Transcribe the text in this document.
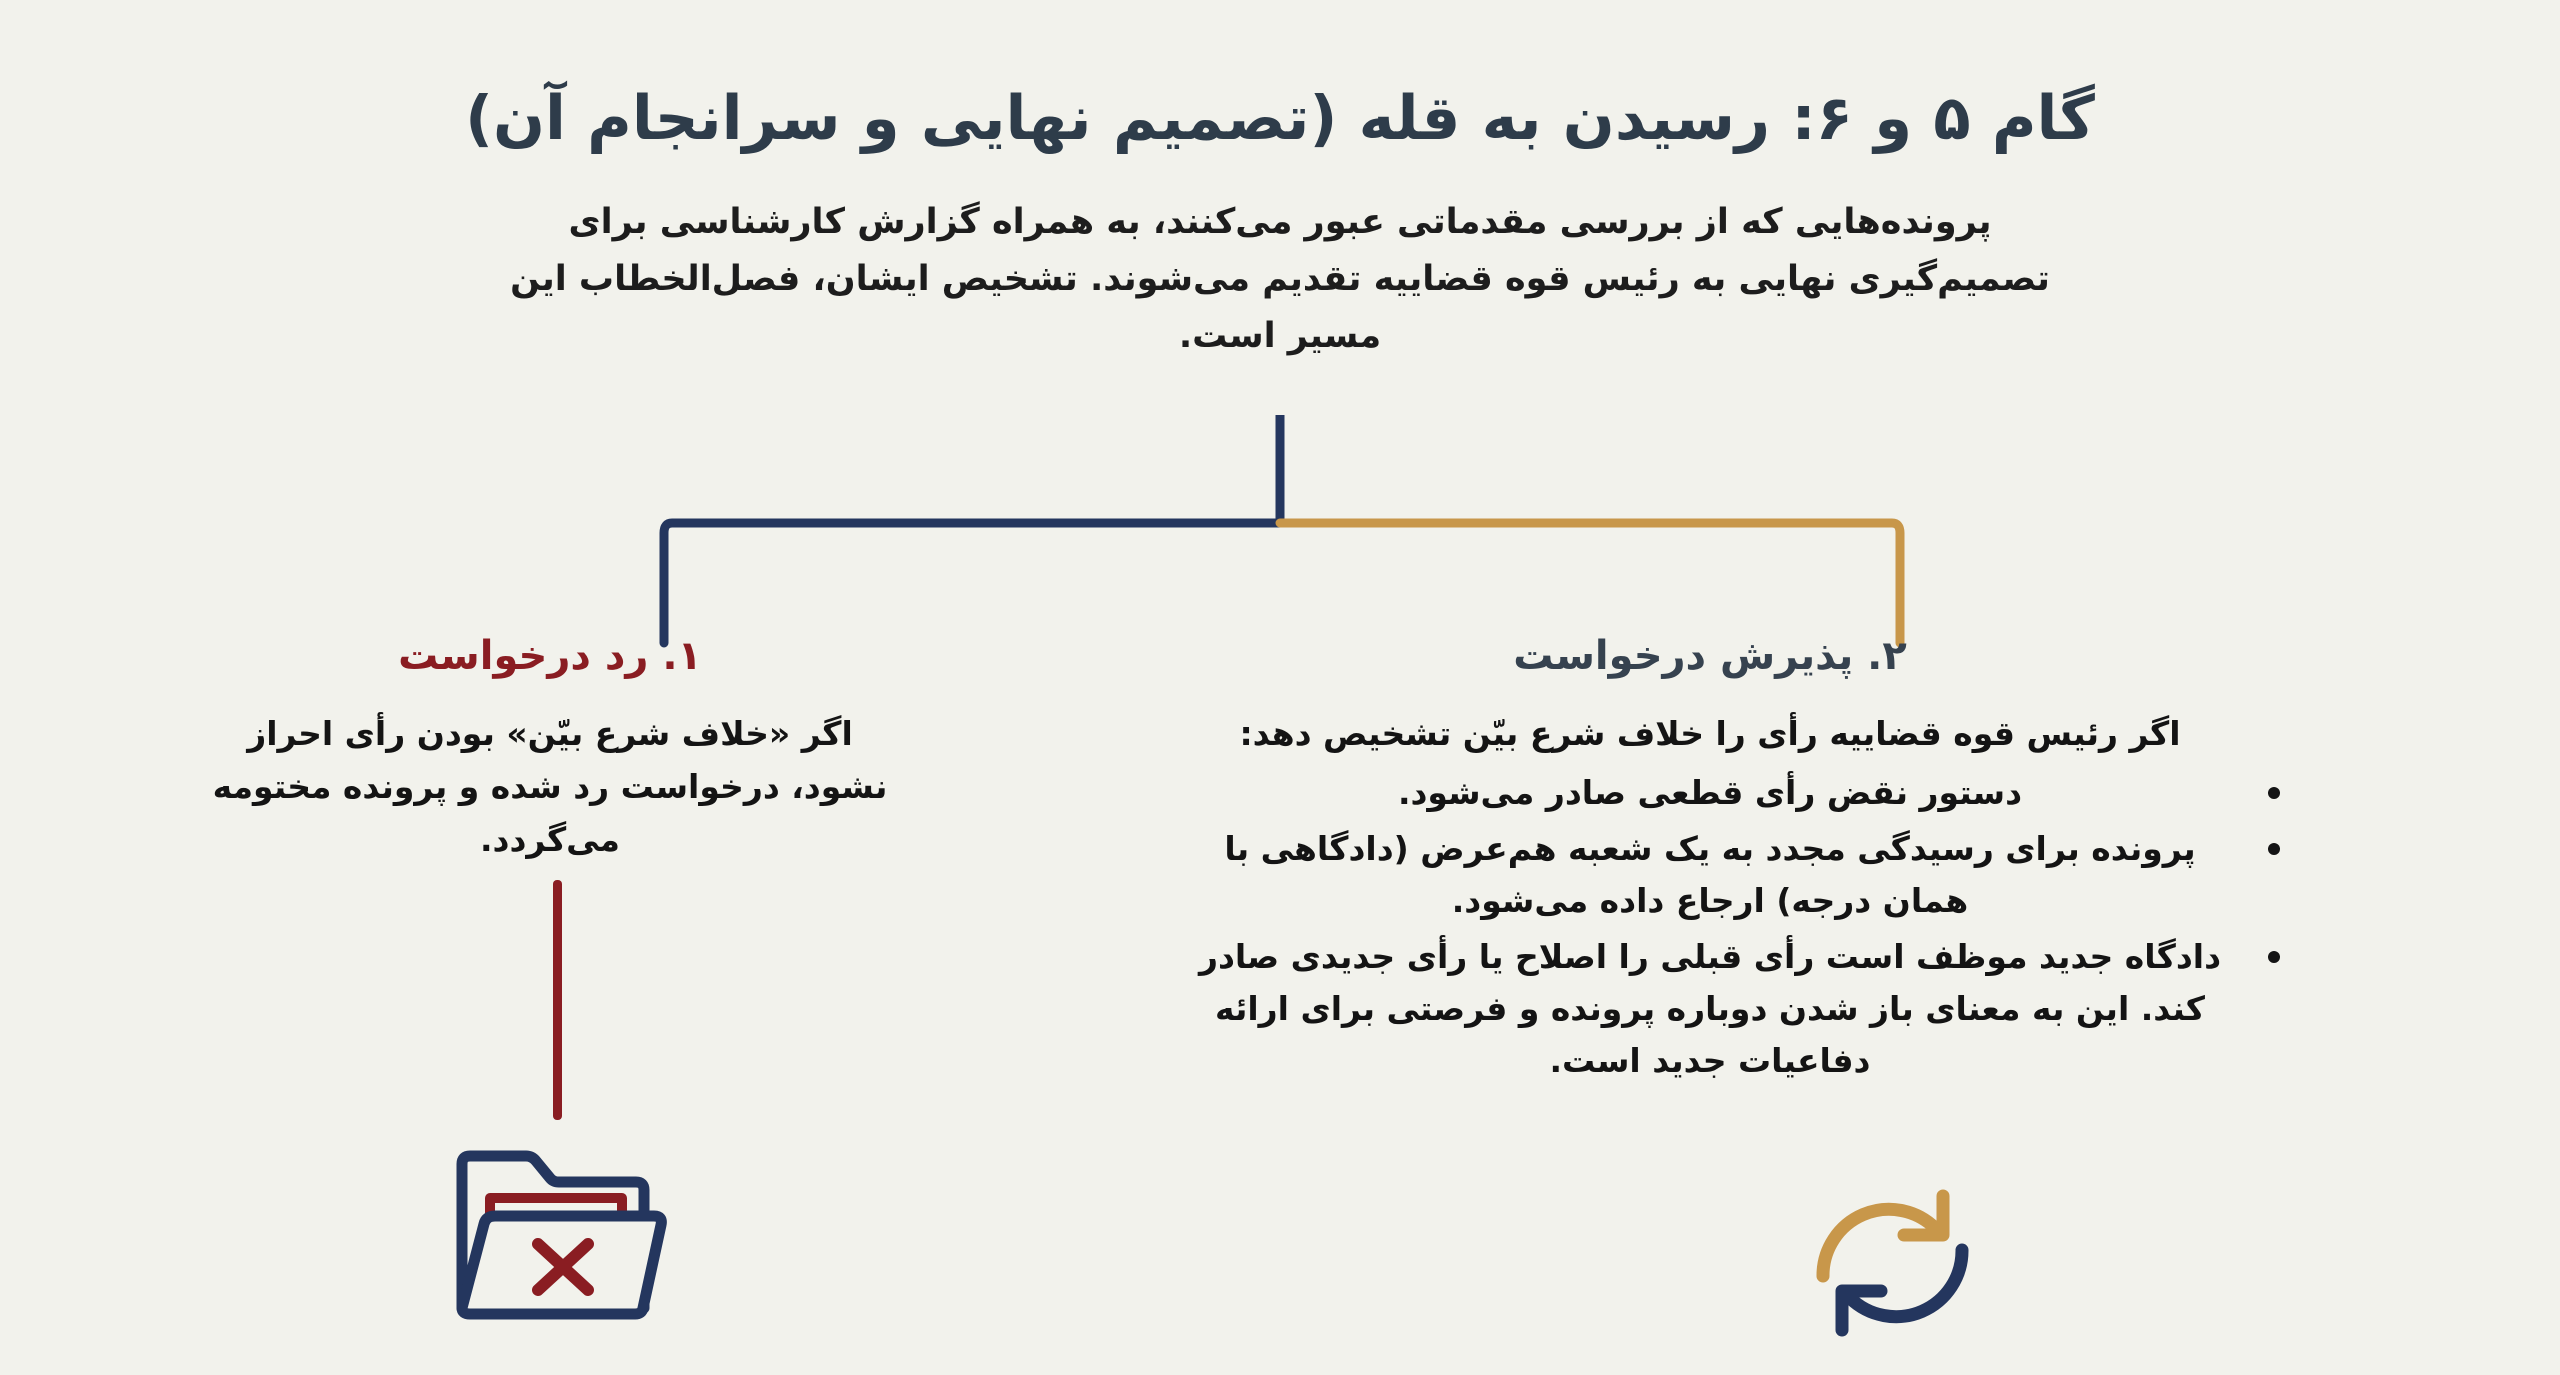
گام ۵ و ۶: رسیدن به قله (تصمیم نهایی و سرانجام آن)
پرونده‌هایی که از بررسی مقدماتی عبور می‌کنند، به همراه گزارش کارشناسی برای تصمیم‌گیری نهایی به رئیس قوه قضاییه تقدیم می‌شوند. تشخیص ایشان، فصل‌الخطاب این مسیر است.
۱. رد درخواست
اگر «خلاف شرع بیّن» بودن رأی احراز نشود، درخواست رد شده و پرونده مختومه می‌گردد.
۲. پذیرش درخواست
اگر رئیس قوه قضاییه رأی را خلاف شرع بیّن تشخیص دهد:
دستور نقض رأی قطعی صادر می‌شود.
پرونده برای رسیدگی مجدد به یک شعبه هم‌عرض (دادگاهی با همان درجه) ارجاع داده می‌شود.
دادگاه جدید موظف است رأی قبلی را اصلاح یا رأی جدیدی صادر کند. این به معنای باز شدن دوباره پرونده و فرصتی برای ارائه دفاعیات جدید است.
